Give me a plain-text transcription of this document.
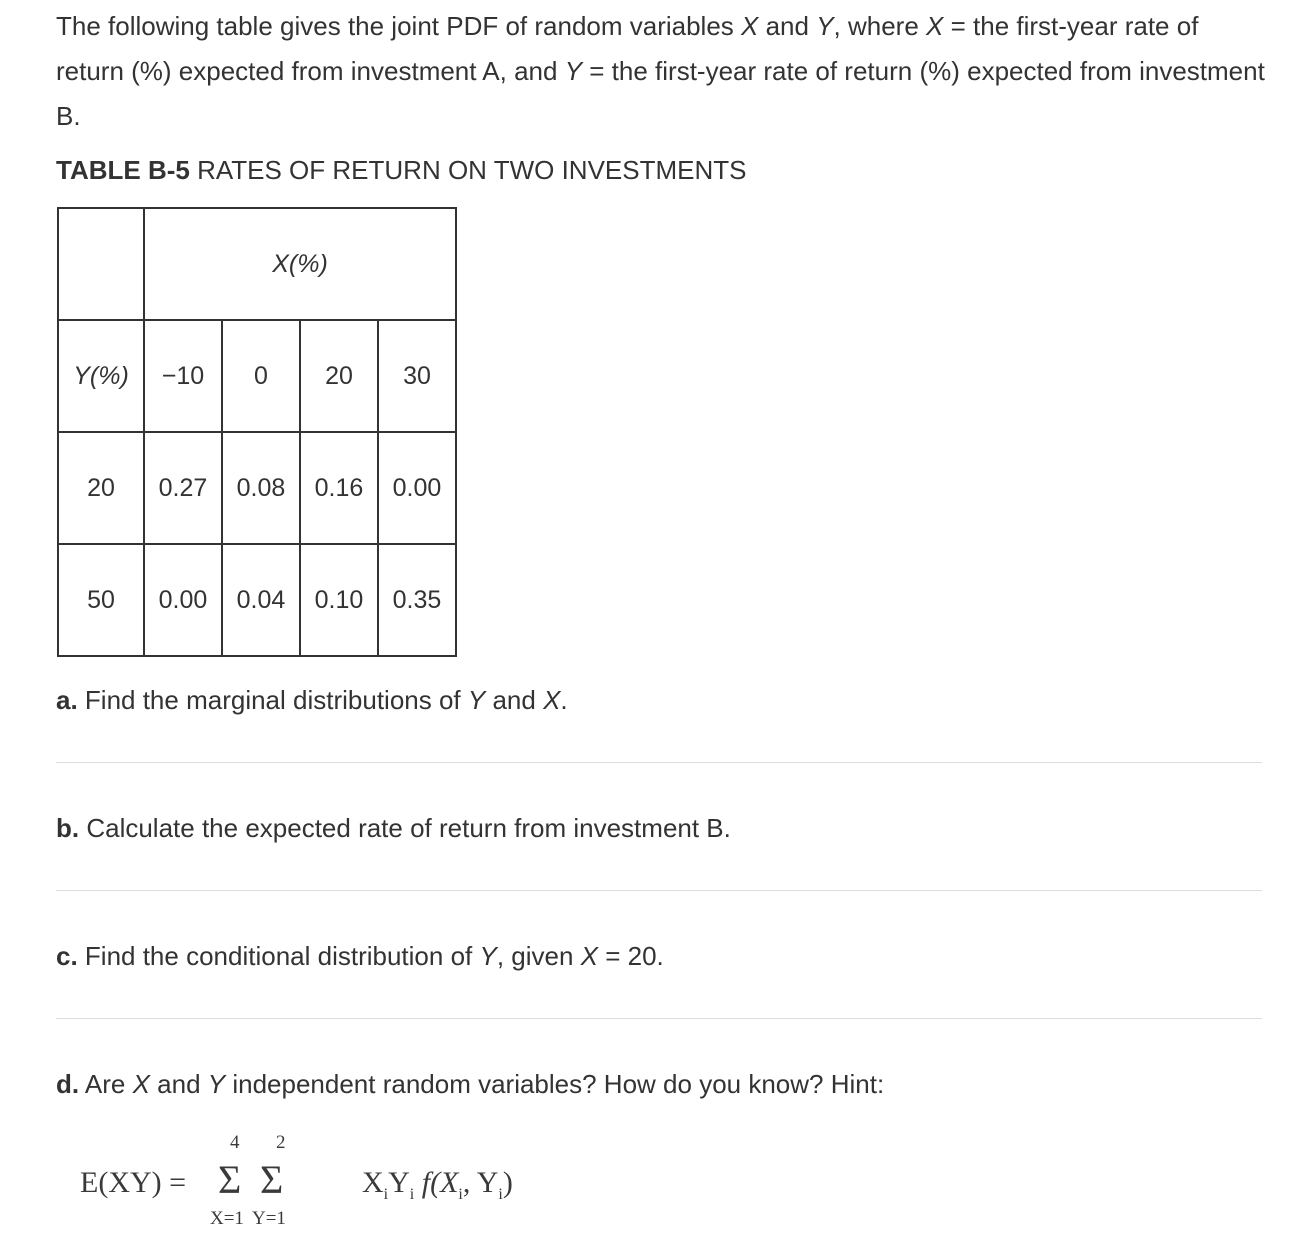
The following table gives the joint PDF of random variables X and Y, where X = the first-year rate of return (%) expected from investment A, and Y = the first-year rate of return (%) expected from investment B.
TABLE B-5 RATES OF RETURN ON TWO INVESTMENTS
	X(%)			
Y(%)	−10	0	20	30
20	0.27	0.08	0.16	0.00
50	0.00	0.04	0.10	0.35
a. Find the marginal distributions of Y and X.
b. Calculate the expected rate of return from investment B.
c. Find the conditional distribution of Y, given X = 20.
d. Are X and Y independent random variables? How do you know? Hint:
E(XY) =
4 2
Σ Σ
X=1 Y=1
$X_iY_i$ $f(X_i$, $Y_i$)
